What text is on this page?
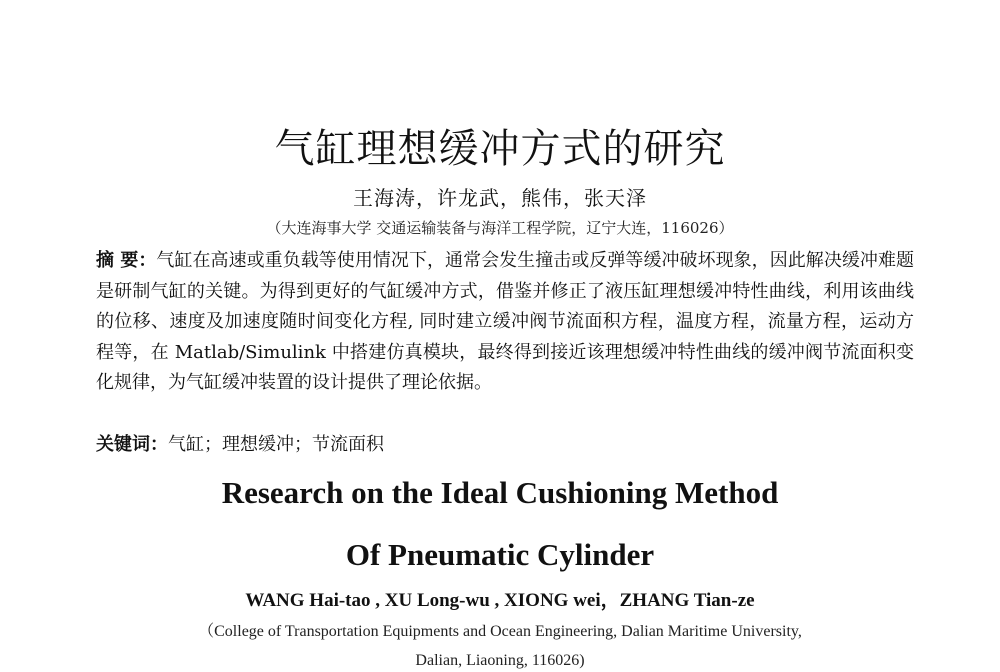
气缸理想缓冲方式的研究
王海涛，许龙武，熊伟，张天泽
（大连海事大学 交通运输装备与海洋工程学院，辽宁大连，116026）
摘 要：气缸在高速或重负载等使用情况下，通常会发生撞击或反弹等缓冲破坏现象，因此解决缓冲难题是研制气缸的关键。为得到更好的气缸缓冲方式，借鉴并修正了液压缸理想缓冲特性曲线，利用该曲线的位移、速度及加速度随时间变化方程, 同时建立缓冲阀节流面积方程，温度方程，流量方程，运动方程等，在 Matlab/Simulink 中搭建仿真模块，最终得到接近该理想缓冲特性曲线的缓冲阀节流面积变化规律，为气缸缓冲装置的设计提供了理论依据。
关键词：气缸；理想缓冲；节流面积
Research on the Ideal Cushioning Method
Of Pneumatic Cylinder
WANG Hai-tao , XU Long-wu , XIONG wei，ZHANG Tian-ze
（College of Transportation Equipments and Ocean Engineering, Dalian Maritime University,
Dalian, Liaoning, 116026)
